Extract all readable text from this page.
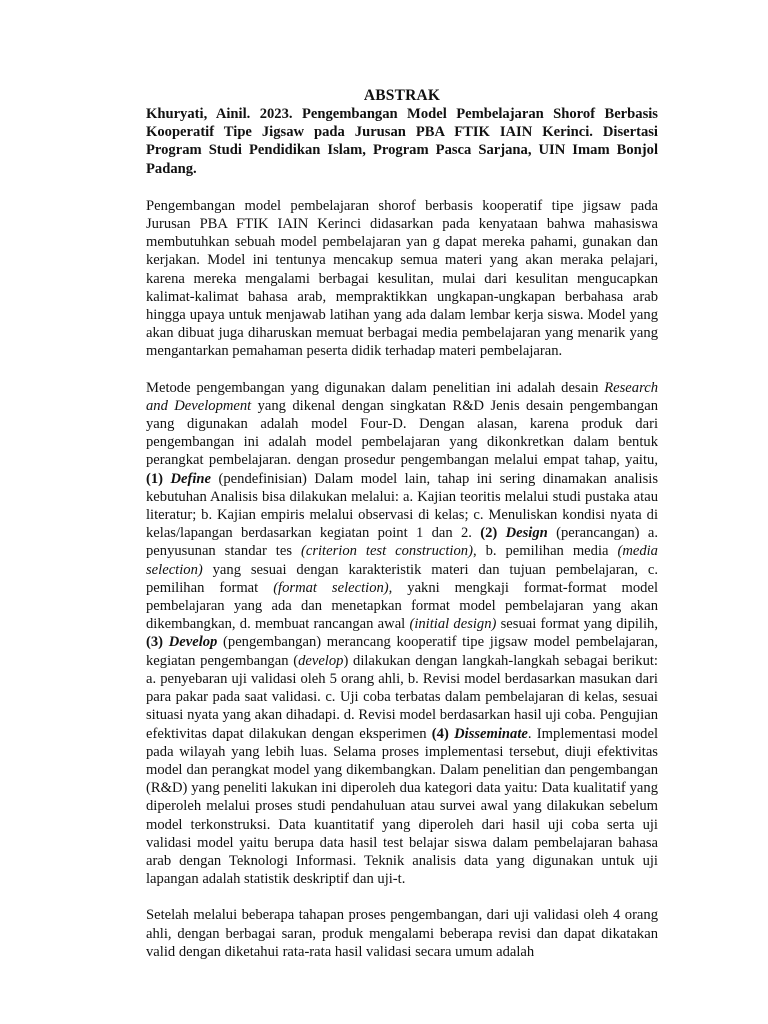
ABSTRAK
Khuryati, Ainil. 2023. Pengembangan Model Pembelajaran Shorof Berbasis Kooperatif Tipe Jigsaw pada Jurusan PBA FTIK IAIN Kerinci. Disertasi Program Studi Pendidikan Islam, Program Pasca Sarjana, UIN Imam Bonjol Padang.

Pengembangan model pembelajaran shorof berbasis kooperatif tipe jigsaw pada Jurusan PBA FTIK IAIN Kerinci didasarkan pada kenyataan bahwa mahasiswa membutuhkan sebuah model pembelajaran yan g dapat mereka pahami, gunakan dan kerjakan. Model ini tentunya mencakup semua materi yang akan meraka pelajari, karena mereka mengalami berbagai kesulitan, mulai dari kesulitan mengucapkan kalimat-kalimat bahasa arab, mempraktikkan ungkapan-ungkapan berbahasa arab hingga upaya untuk menjawab latihan yang ada dalam lembar kerja siswa. Model yang akan dibuat juga diharuskan memuat berbagai media pembelajaran yang menarik yang mengantarkan pemahaman peserta didik terhadap materi pembelajaran.

Metode pengembangan yang digunakan dalam penelitian ini adalah desain Research and Development yang dikenal dengan singkatan R&D Jenis desain pengembangan yang digunakan adalah model Four-D. Dengan alasan, karena produk dari pengembangan ini adalah model pembelajaran yang dikonkretkan dalam bentuk perangkat pembelajaran. dengan prosedur pengembangan melalui empat tahap, yaitu, (1) Define (pendefinisian) Dalam model lain, tahap ini sering dinamakan analisis kebutuhan Analisis bisa dilakukan melalui: a. Kajian teoritis melalui studi pustaka atau literatur; b. Kajian empiris melalui observasi di kelas; c. Menuliskan kondisi nyata di kelas/lapangan berdasarkan kegiatan point 1 dan 2. (2) Design (perancangan) a. penyusunan standar tes (criterion test construction), b. pemilihan media (media selection) yang sesuai dengan karakteristik materi dan tujuan pembelajaran, c. pemilihan format (format selection), yakni mengkaji format-format model pembelajaran yang ada dan menetapkan format model pembelajaran yang akan dikembangkan, d. membuat rancangan awal (initial design) sesuai format yang dipilih, (3) Develop (pengembangan) merancang kooperatif tipe jigsaw model pembelajaran, kegiatan pengembangan (develop) dilakukan dengan langkah-langkah sebagai berikut: a. penyebaran uji validasi oleh 5 orang ahli, b. Revisi model berdasarkan masukan dari para pakar pada saat validasi. c. Uji coba terbatas dalam pembelajaran di kelas, sesuai situasi nyata yang akan dihadapi. d. Revisi model berdasarkan hasil uji coba. Pengujian efektivitas dapat dilakukan dengan eksperimen (4) Disseminate. Implementasi model pada wilayah yang lebih luas. Selama proses implementasi tersebut, diuji efektivitas model dan perangkat model yang dikembangkan. Dalam penelitian dan pengembangan (R&D) yang peneliti lakukan ini diperoleh dua kategori data yaitu: Data kualitatif yang diperoleh melalui proses studi pendahuluan atau survei awal yang dilakukan sebelum model terkonstruksi. Data kuantitatif yang diperoleh dari hasil uji coba serta uji validasi model yaitu berupa data hasil test belajar siswa dalam pembelajaran bahasa arab dengan Teknologi Informasi. Teknik analisis data yang digunakan untuk uji lapangan adalah statistik deskriptif dan uji-t.

Setelah melalui beberapa tahapan proses pengembangan, dari uji validasi oleh 4 orang ahli, dengan berbagai saran, produk mengalami beberapa revisi dan dapat dikatakan valid dengan diketahui rata-rata hasil validasi secara umum adalah
